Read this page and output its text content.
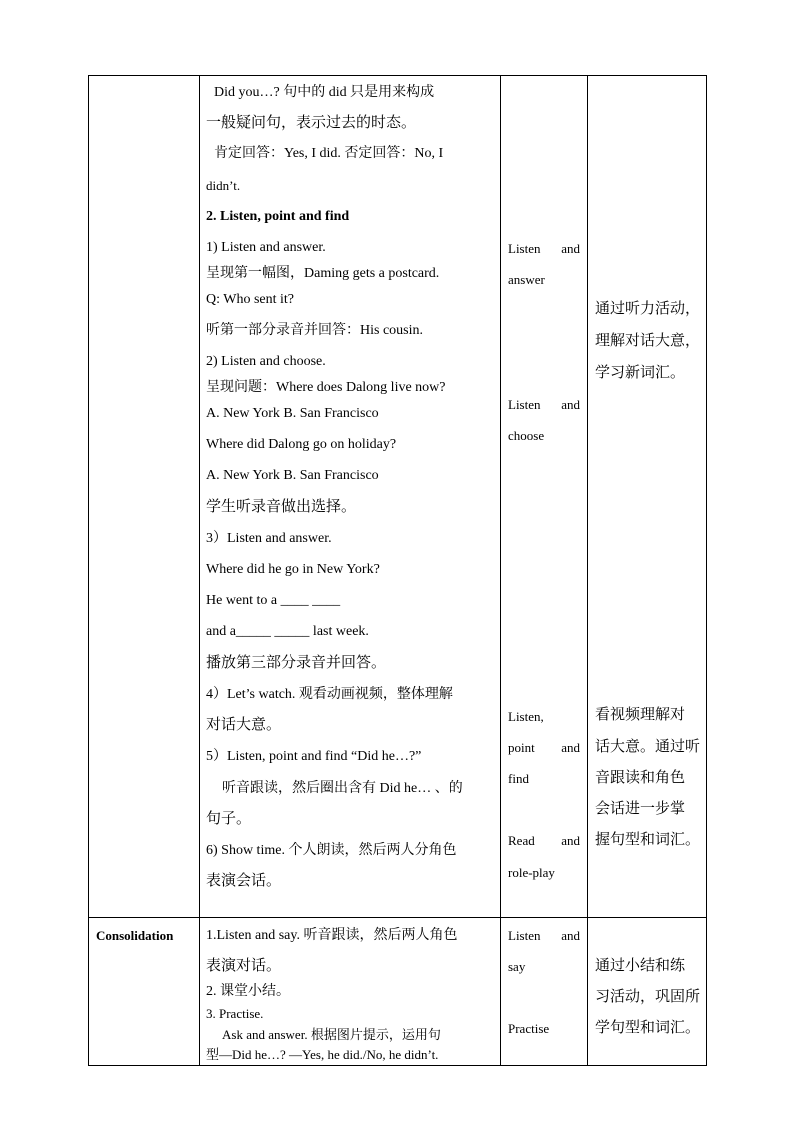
Did you…? 句中的 did 只是用来构成
一般疑问句，表示过去的时态。
肯定回答：Yes, I did. 否定回答：No, I
didn’t.
2. Listen, point and find
1) Listen and answer.
呈现第一幅图，Daming gets a postcard.
Q: Who sent it?
听第一部分录音并回答：His cousin.
2) Listen and choose.
呈现问题：Where does Dalong live now?
A. New York B. San Francisco
Where did Dalong go on holiday?
A. New York B. San Francisco
学生听录音做出选择。
3）Listen and answer.
Where did he go in New York?
He went to a ____ ____
and a_____ _____ last week.
播放第三部分录音并回答。
4）Let’s watch. 观看动画视频，整体理解
对话大意。
5）Listen, point and find “Did he…?”
听音跟读，然后圈出含有 Did he… 、的
句子。
6) Show time. 个人朗读，然后两人分角色
表演会话。
Listen and
answer
Listen and
choose
Listen,
point and
find
Read and
role-play
通过听力活动，
理解对话大意，
学习新词汇。
看视频理解对
话大意。通过听
音跟读和角色
会话进一步掌
握句型和词汇。
Consolidation 1.Listen and say. 听音跟读，然后两人角色
表演对话。
2. 课堂小结。
3. Practise.
Ask and answer. 根据图片提示，运用句
型—Did he…? —Yes, he did./No, he didn’t.
Listen and
say
Practise
通过小结和练
习活动，巩固所
学句型和词汇。
